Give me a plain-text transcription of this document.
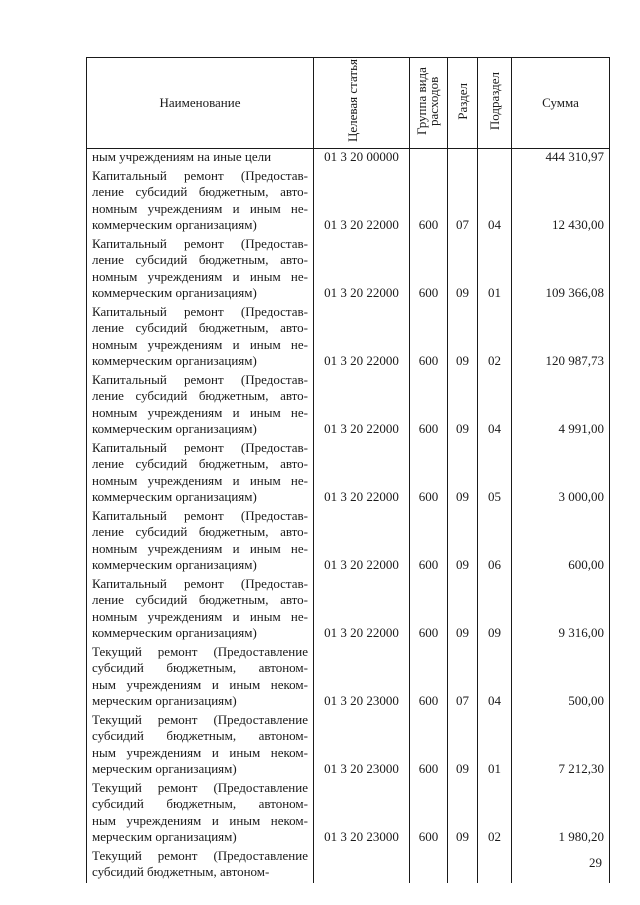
Наименование	Целевая статья	Группа вида расходов	Раздел	Подраздел	Сумма

ным учреждениям на иные цели	01 3 20 00000				444 310,97

Капитальный ремонт (Предостав-
ление субсидий бюджетным, авто-
номным учреждениям и иным не-
коммерческим организациям)	01 3 20 22000	600	07	04	12 430,00

Капитальный ремонт (Предостав-
ление субсидий бюджетным, авто-
номным учреждениям и иным не-
коммерческим организациям)	01 3 20 22000	600	09	01	109 366,08

Капитальный ремонт (Предостав-
ление субсидий бюджетным, авто-
номным учреждениям и иным не-
коммерческим организациям)	01 3 20 22000	600	09	02	120 987,73

Капитальный ремонт (Предостав-
ление субсидий бюджетным, авто-
номным учреждениям и иным не-
коммерческим организациям)	01 3 20 22000	600	09	04	4 991,00

Капитальный ремонт (Предостав-
ление субсидий бюджетным, авто-
номным учреждениям и иным не-
коммерческим организациям)	01 3 20 22000	600	09	05	3 000,00

Капитальный ремонт (Предостав-
ление субсидий бюджетным, авто-
номным учреждениям и иным не-
коммерческим организациям)	01 3 20 22000	600	09	06	600,00

Капитальный ремонт (Предостав-
ление субсидий бюджетным, авто-
номным учреждениям и иным не-
коммерческим организациям)	01 3 20 22000	600	09	09	9 316,00

Текущий ремонт (Предоставление
субсидий бюджетным, автоном-
ным учреждениям и иным неком-
мерческим организациям)	01 3 20 23000	600	07	04	500,00

Текущий ремонт (Предоставление
субсидий бюджетным, автоном-
ным учреждениям и иным неком-
мерческим организациям)	01 3 20 23000	600	09	01	7 212,30

Текущий ремонт (Предоставление
субсидий бюджетным, автоном-
ным учреждениям и иным неком-
мерческим организациям)	01 3 20 23000	600	09	02	1 980,20

Текущий ремонт (Предоставление
субсидий бюджетным, автоном-					

29
